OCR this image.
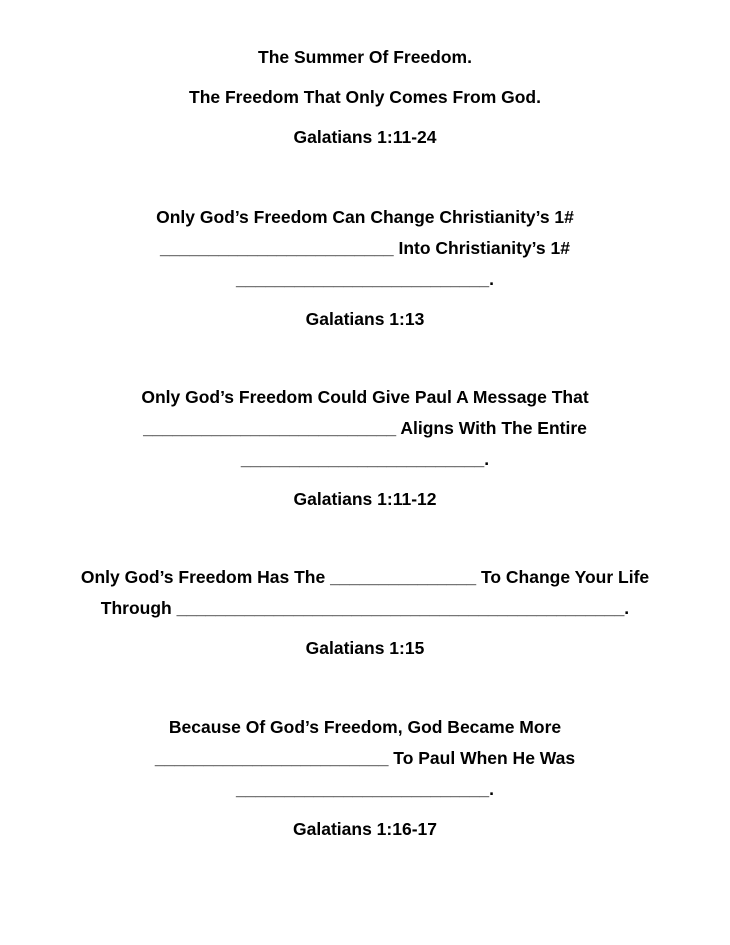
The Summer Of Freedom.
The Freedom That Only Comes From God.
Galatians 1:11-24
Only God’s Freedom Can Change Christianity’s 1#
________________________ Into Christianity’s 1#
__________________________.
Galatians 1:13
Only God’s Freedom Could Give Paul A Message That
__________________________ Aligns With The Entire
_________________________.
Galatians 1:11-12
Only God’s Freedom Has The _______________ To Change Your Life
Through ______________________________________________.
Galatians 1:15
Because Of God’s Freedom, God Became More
________________________ To Paul When He Was
__________________________.
Galatians 1:16-17
